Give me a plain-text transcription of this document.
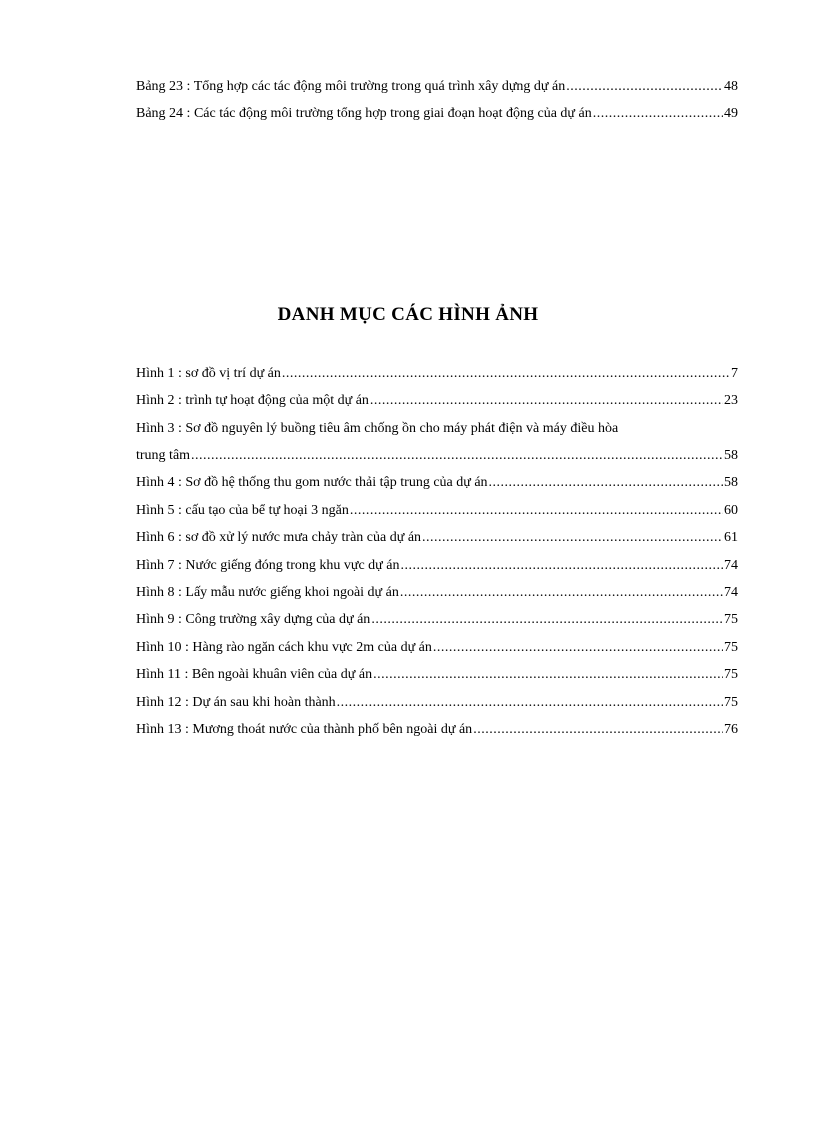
Bảng 23 : Tổng hợp các tác động môi trường trong quá trình xây dựng dự án .....	48
Bảng 24 : Các tác động môi trường tổng hợp trong giai đoạn hoạt động của dự án .....	49
DANH MỤC CÁC HÌNH ẢNH
Hình 1 : sơ đồ vị trí dự án .....	7
Hình 2 : trình tự hoạt động của một dự án .....	23
Hình 3 : Sơ đồ nguyên lý buồng tiêu âm chống ồn cho máy phát điện và máy điều hòa
trung tâm .....	58
Hình 4 : Sơ đồ hệ thống thu gom nước thải tập trung của dự án .....	58
Hình 5 : cấu tạo của bể tự hoại 3 ngăn .....	60
Hình 6 : sơ đồ xử lý nước mưa chảy tràn của dự án .....	61
Hình 7 : Nước giếng đóng trong khu vực dự án .....	74
Hình 8 : Lấy mẫu nước giếng khoi ngoài dự án .....	74
Hình 9 : Công trường xây dựng của dự án .....	75
Hình 10 : Hàng rào ngăn cách khu vực 2m của dự án .....	75
Hình 11 : Bên ngoài khuân viên của dự án .....	75
Hình 12 : Dự án sau khi hoàn thành .....	75
Hình 13 : Mương thoát nước của thành phố bên ngoài dự án .....	76
